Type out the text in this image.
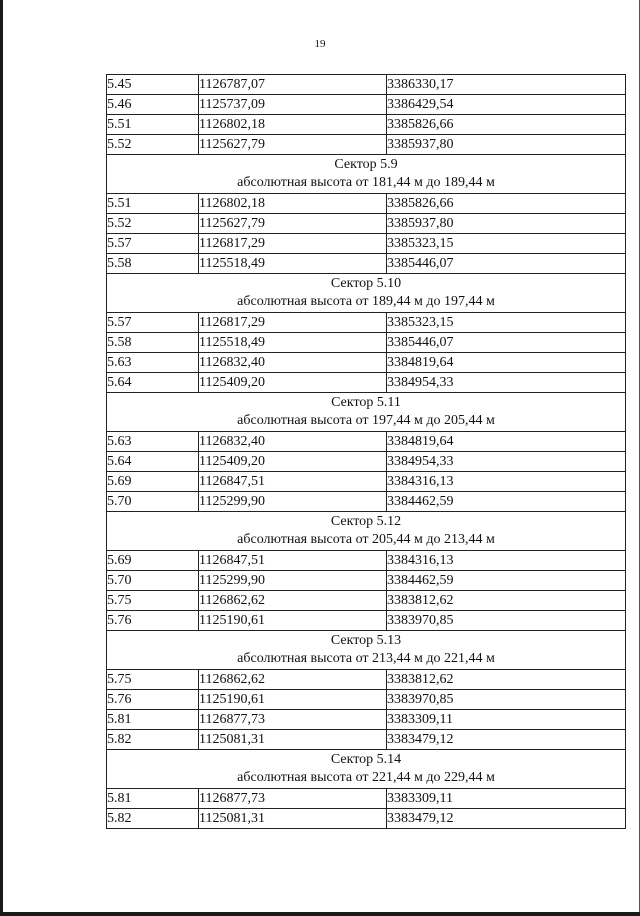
19
5.45	1126787,07	3386330,17
5.46	1125737,09	3386429,54
5.51	1126802,18	3385826,66
5.52	1125627,79	3385937,80

Сектор 5.9
абсолютная высота от 181,44 м до 189,44 м		

5.51	1126802,18	3385826,66
5.52	1125627,79	3385937,80
5.57	1126817,29	3385323,15
5.58	1125518,49	3385446,07

Сектор 5.10
абсолютная высота от 189,44 м до 197,44 м		

5.57	1126817,29	3385323,15
5.58	1125518,49	3385446,07
5.63	1126832,40	3384819,64
5.64	1125409,20	3384954,33

Сектор 5.11
абсолютная высота от 197,44 м до 205,44 м		

5.63	1126832,40	3384819,64
5.64	1125409,20	3384954,33
5.69	1126847,51	3384316,13
5.70	1125299,90	3384462,59

Сектор 5.12
абсолютная высота от 205,44 м до 213,44 м		

5.69	1126847,51	3384316,13
5.70	1125299,90	3384462,59
5.75	1126862,62	3383812,62
5.76	1125190,61	3383970,85

Сектор 5.13
абсолютная высота от 213,44 м до 221,44 м		

5.75	1126862,62	3383812,62
5.76	1125190,61	3383970,85
5.81	1126877,73	3383309,11
5.82	1125081,31	3383479,12

Сектор 5.14
абсолютная высота от 221,44 м до 229,44 м		

5.81	1126877,73	3383309,11
5.82	1125081,31	3383479,12
